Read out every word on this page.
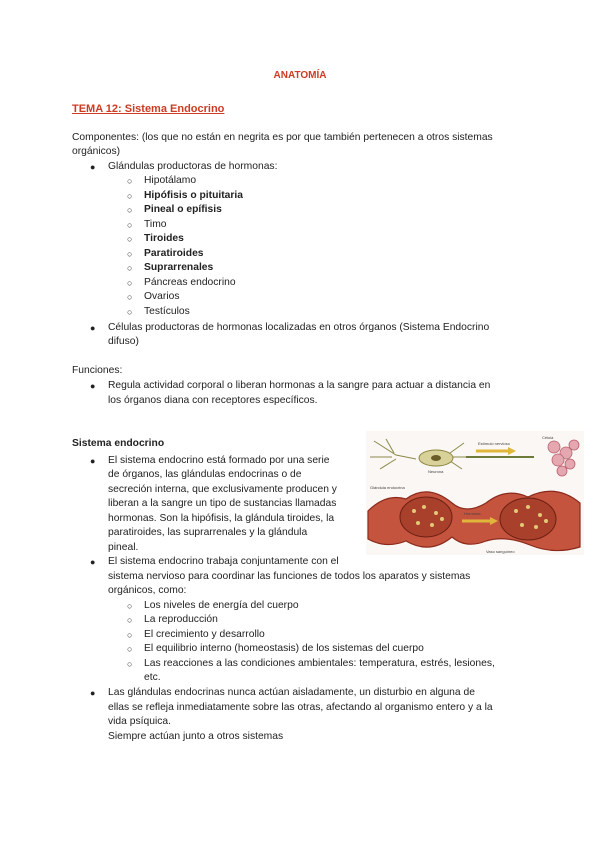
ANATOMÍA
TEMA 12: Sistema Endocrino
Componentes: (los que no están en negrita es por que también pertenecen a otros sistemas
orgánicos)
● Glándulas productoras de hormonas:
○ Hipotálamo
○ Hipófisis o pituitaria
○ Pineal o epífisis
○ Timo
○ Tiroides
○ Paratiroides
○ Suprarrenales
○ Páncreas endocrino
○ Ovarios
○ Testículos
● Células productoras de hormonas localizadas en otros órganos (Sistema Endocrino
difuso)
Funciones:
● Regula actividad corporal o liberan hormonas a la sangre para actuar a distancia en
los órganos diana con receptores específicos.
Sistema endocrino
● El sistema endocrino está formado por una serie
de órganos, las glándulas endocrinas o de
secreción interna, que exclusivamente producen y
liberan a la sangre un tipo de sustancias llamadas
hormonas. Son la hipófisis, la glándula tiroides, la
paratiroides, las suprarrenales y la glándula
pineal.
● El sistema endocrino trabaja conjuntamente con el
sistema nervioso para coordinar las funciones de todos los aparatos y sistemas
orgánicos, como:
○ Los niveles de energía del cuerpo
○ La reproducción
○ El crecimiento y desarrollo
○ El equilibrio interno (homeostasis) de los sistemas del cuerpo
○ Las reacciones a las condiciones ambientales: temperatura, estrés, lesiones,
etc.
● Las glándulas endocrinas nunca actúan aisladamente, un disturbio en alguna de
ellas se refleja inmediatamente sobre las otras, afectando al organismo entero y a la
vida psíquica.
Siempre actúan junto a otros sistemas
Neurona
Estímulo nervioso
Célula
Hormona
Glándula endocrina
Vaso sanguíneo
